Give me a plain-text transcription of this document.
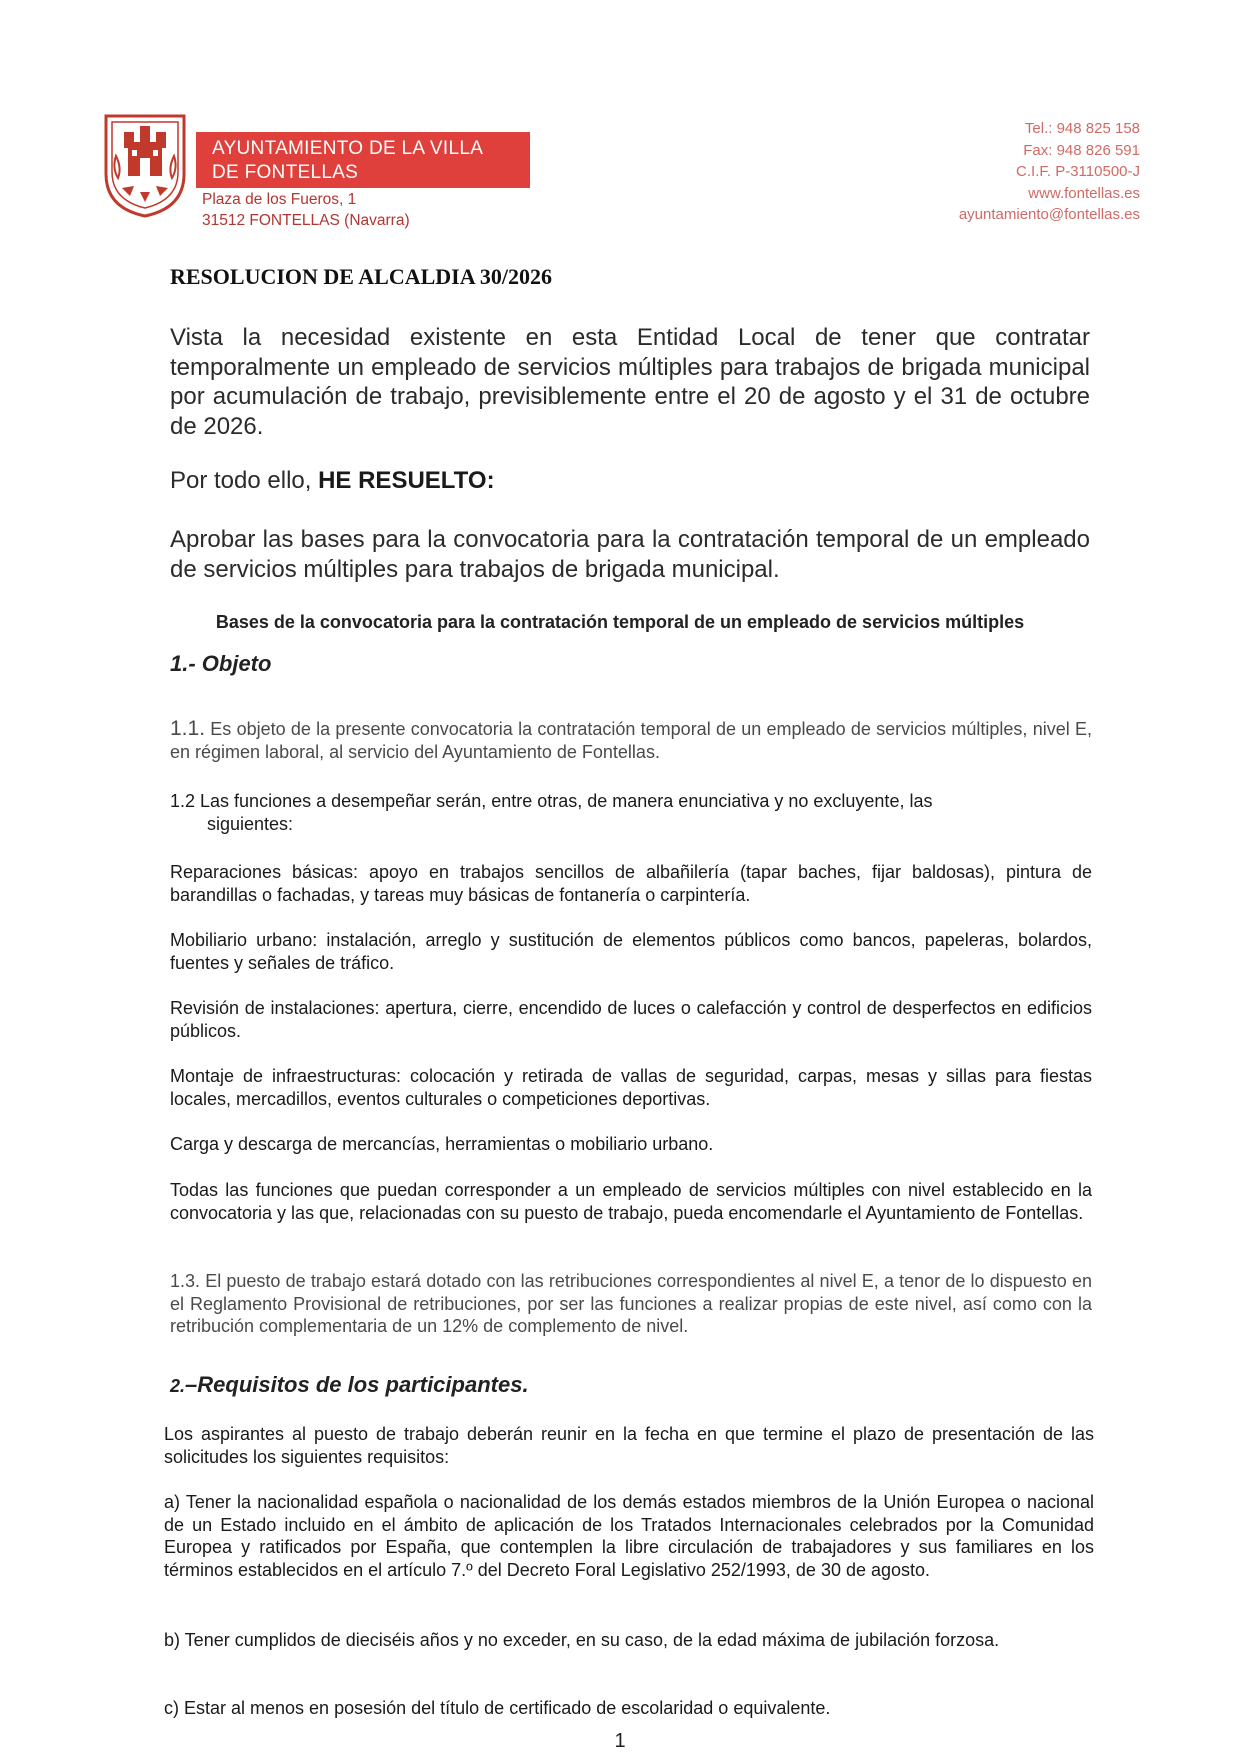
AYUNTAMIENTO DE LA VILLA
DE FONTELLAS
Plaza de los Fueros, 1
31512 FONTELLAS (Navarra)
Tel.: 948 825 158
Fax: 948 826 591
C.I.F. P-3110500-J
www.fontellas.es
ayuntamiento@fontellas.es
RESOLUCION DE ALCALDIA 30/2026
Vista la necesidad existente en esta Entidad Local de tener que contratar temporalmente un empleado de servicios múltiples para trabajos de brigada municipal por acumulación de trabajo, previsiblemente entre el 20 de agosto y el 31 de octubre de 2026.
Por todo ello, HE RESUELTO:
Aprobar las bases para la convocatoria para la contratación temporal de un empleado de servicios múltiples para trabajos de brigada municipal.
Bases de la convocatoria para la contratación temporal de un empleado de servicios múltiples
1.- Objeto
1.1. Es objeto de la presente convocatoria la contratación temporal de un empleado de servicios múltiples, nivel E, en régimen laboral, al servicio del Ayuntamiento de Fontellas.
1.2 Las funciones a desempeñar serán, entre otras, de manera enunciativa y no excluyente, las
siguientes:
Reparaciones básicas: apoyo en trabajos sencillos de albañilería (tapar baches, fijar baldosas), pintura de barandillas o fachadas, y tareas muy básicas de fontanería o carpintería.
Mobiliario urbano: instalación, arreglo y sustitución de elementos públicos como bancos, papeleras, bolardos, fuentes y señales de tráfico.
Revisión de instalaciones: apertura, cierre, encendido de luces o calefacción y control de desperfectos en edificios públicos.
Montaje de infraestructuras: colocación y retirada de vallas de seguridad, carpas, mesas y sillas para fiestas locales, mercadillos, eventos culturales o competiciones deportivas.
Carga y descarga de mercancías, herramientas o mobiliario urbano.
Todas las funciones que puedan corresponder a un empleado de servicios múltiples con nivel establecido en la convocatoria y las que, relacionadas con su puesto de trabajo, pueda encomendarle el Ayuntamiento de Fontellas.
1.3. El puesto de trabajo estará dotado con las retribuciones correspondientes al nivel E, a tenor de lo dispuesto en el Reglamento Provisional de retribuciones, por ser las funciones a realizar propias de este nivel, así como con la retribución complementaria de un 12% de complemento de nivel.
2.–Requisitos de los participantes.
Los aspirantes al puesto de trabajo deberán reunir en la fecha en que termine el plazo de presentación de las solicitudes los siguientes requisitos:
a) Tener la nacionalidad española o nacionalidad de los demás estados miembros de la Unión Europea o nacional de un Estado incluido en el ámbito de aplicación de los Tratados Internacionales celebrados por la Comunidad Europea y ratificados por España, que contemplen la libre circulación de trabajadores y sus familiares en los términos establecidos en el artículo 7.º del Decreto Foral Legislativo 252/1993, de 30 de agosto.
b) Tener cumplidos de dieciséis años y no exceder, en su caso, de la edad máxima de jubilación forzosa.
c) Estar al menos en posesión del título de certificado de escolaridad o equivalente.
1
